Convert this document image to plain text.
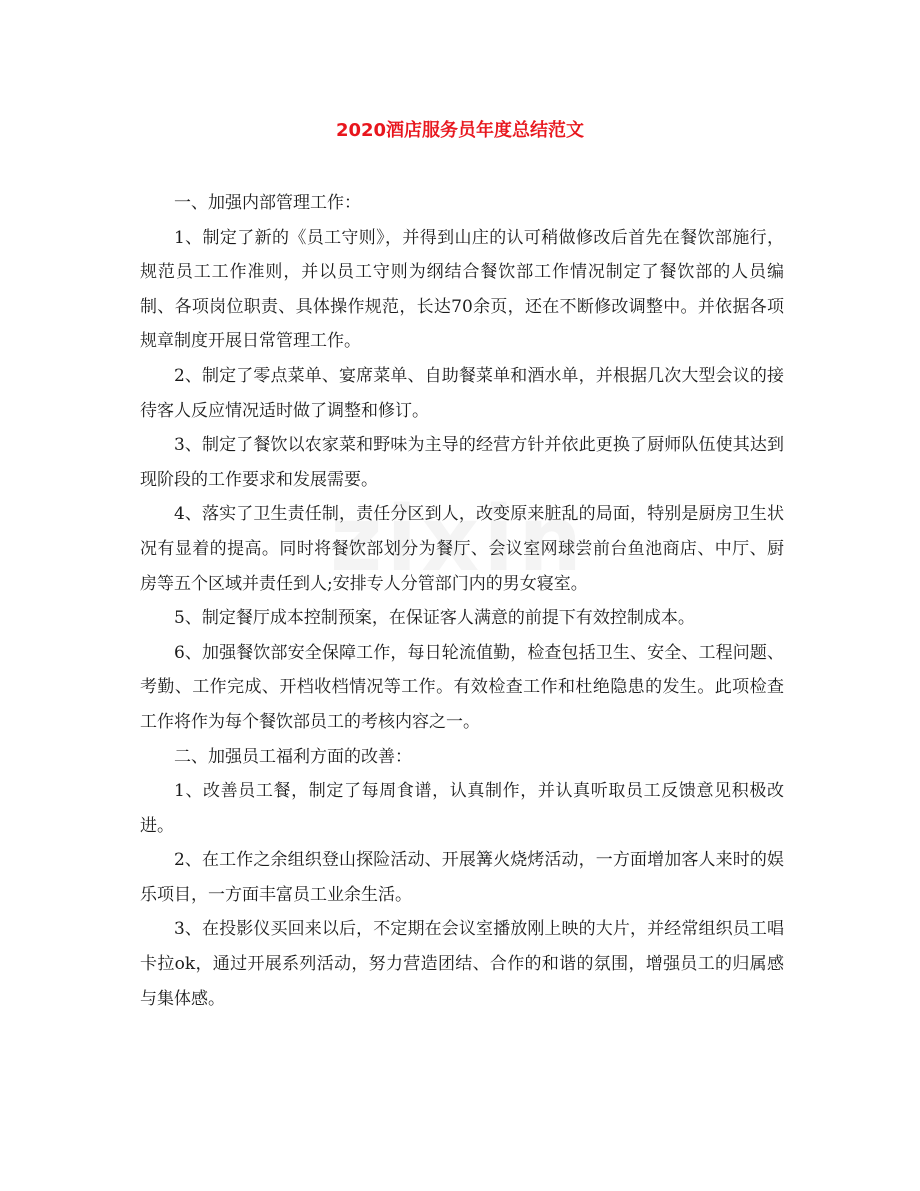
2020酒店服务员年度总结范文

一、加强内部管理工作：

1、制定了新的《员工守则》，并得到山庄的认可稍做修改后首先在餐饮部施行，规范员工工作准则，并以员工守则为纲结合餐饮部工作情况制定了餐饮部的人员编制、各项岗位职责、具体操作规范，长达70余页，还在不断修改调整中。并依据各项规章制度开展日常管理工作。

2、制定了零点菜单、宴席菜单、自助餐菜单和酒水单，并根据几次大型会议的接待客人反应情况适时做了调整和修订。

3、制定了餐饮以农家菜和野味为主导的经营方针并依此更换了厨师队伍使其达到现阶段的工作要求和发展需要。

4、落实了卫生责任制，责任分区到人，改变原来脏乱的局面，特别是厨房卫生状况有显着的提高。同时将餐饮部划分为餐厅、会议室网球尝前台鱼池商店、中厅、厨房等五个区域并责任到人;安排专人分管部门内的男女寝室。

5、制定餐厅成本控制预案，在保证客人满意的前提下有效控制成本。

6、加强餐饮部安全保障工作，每日轮流值勤，检查包括卫生、安全、工程问题、考勤、工作完成、开档收档情况等工作。有效检查工作和杜绝隐患的发生。此项检查工作将作为每个餐饮部员工的考核内容之一。

二、加强员工福利方面的改善：

1、改善员工餐，制定了每周食谱，认真制作，并认真听取员工反馈意见积极改进。

2、在工作之余组织登山探险活动、开展篝火烧烤活动，一方面增加客人来时的娱乐项目，一方面丰富员工业余生活。

3、在投影仪买回来以后，不定期在会议室播放刚上映的大片，并经常组织员工唱卡拉ok，通过开展系列活动，努力营造团结、合作的和谐的氛围，增强员工的归属感与集体感。
